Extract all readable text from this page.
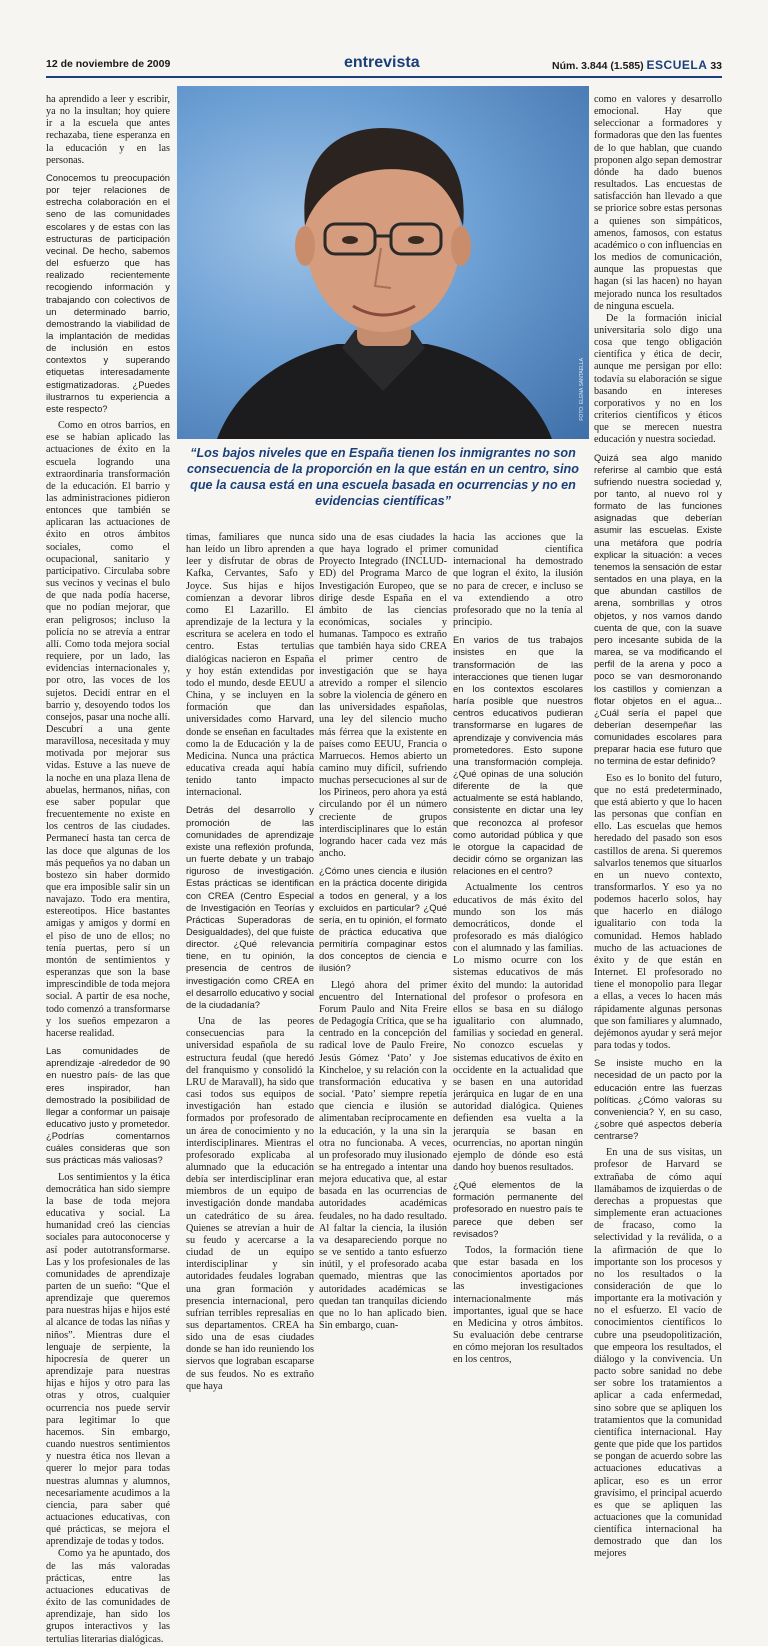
12 de noviembre de 2009	entrevista	Núm. 3.844 (1.585) ESCUELA 33

ha aprendido a leer y escribir, ya no la insultan; hoy quiere ir a la escuela que antes rechazaba, tiene esperanza en la educación y en las personas.

Conocemos tu preocupación por tejer relaciones de estrecha colaboración en el seno de las comunidades escolares y de estas con las estructuras de participación vecinal. De hecho, sabemos del esfuerzo que has realizado recientemente recogiendo información y trabajando con colectivos de un determinado barrio, demostrando la viabilidad de la implantación de medidas de inclusión en estos contextos y superando etiquetas interesadamente estigmatizadoras. ¿Puedes ilustrarnos tu experiencia a este respecto?

Como en otros barrios, en ese se habían aplicado las actuaciones de éxito en la escuela logrando una extraordinaria transformación de la educación. El barrio y las administraciones pidieron entonces que también se aplicaran las actuaciones de éxito en otros ámbitos sociales, como el ocupacional, sanitario y participativo. Circulaba sobre sus vecinos y vecinas el bulo de que nada podía hacerse, que no podían mejorar, que eran peligrosos; incluso la policía no se atrevía a entrar allí. Como toda mejora social requiere, por un lado, las evidencias internacionales y, por otro, las voces de los sujetos. Decidí entrar en el barrio y, desoyendo todos los consejos, pasar una noche allí. Descubrí a una gente maravillosa, necesitada y muy motivada por mejorar sus vidas. Estuve a las nueve de la noche en una plaza llena de abuelas, hermanos, niñas, con ese saber popular que frecuentemente no existe en los centros de las ciudades. Permanecí hasta tan cerca de las doce que algunas de los más pequeños ya no daban un bostezo sin haber dormido que era imposible salir sin un navajazo. Todo era mentira, estereotipos. Hice bastantes amigas y amigos y dormí en el piso de uno de ellos; no tenía puertas, pero sí un montón de sentimientos y esperanzas que son la base imprescindible de toda mejora social. A partir de esa noche, todo comenzó a transformarse y los sueños empezaron a hacerse realidad.

Las comunidades de aprendizaje -alrededor de 90 en nuestro país- de las que eres inspirador, han demostrado la posibilidad de llegar a conformar un paisaje educativo justo y prometedor. ¿Podrías comentarnos cuáles consideras que son sus prácticas más valiosas?

Los sentimientos y la ética democrática han sido siempre la base de toda mejora educativa y social. La humanidad creó las ciencias sociales para autoconocerse y así poder autotransformarse. Las y los profesionales de las comunidades de aprendizaje parten de un sueño: “Que el aprendizaje que queremos para nuestras hijas e hijos esté al alcance de todas las niñas y niños”. Mientras dure el lenguaje de serpiente, la hipocresía de querer un aprendizaje para nuestras hijas e hijos y otro para las otras y otros, cualquier ocurrencia nos puede servir para legitimar lo que hacemos. Sin embargo, cuando nuestros sentimientos y nuestra ética nos llevan a querer lo mejor para todas nuestras alumnas y alumnos, necesariamente acudimos a la ciencia, para saber qué actuaciones educativas, con qué prácticas, se mejora el aprendizaje de todas y todos.

Como ya he apuntado, dos de las más valoradas prácticas, entre las actuaciones educativas de éxito de las comunidades de aprendizaje, han sido los grupos interactivos y las tertulias literarias dialógicas.

timas, familiares que nunca han leído un libro aprenden a leer y disfrutar de obras de Kafka, Cervantes, Safo y Joyce. Sus hijas e hijos comienzan a devorar libros como El Lazarillo. El aprendizaje de la lectura y la escritura se acelera en todo el centro. Estas tertulias dialógicas nacieron en España y hoy están extendidas por todo el mundo, desde EEUU a China, y se incluyen en la formación que dan universidades como Harvard, donde se enseñan en facultades como la de Educación y la de Medicina. Nunca una práctica educativa creada aquí había tenido tanto impacto internacional.

Detrás del desarrollo y promoción de las comunidades de aprendizaje existe una reflexión profunda, un fuerte debate y un trabajo riguroso de investigación. Estas prácticas se identifican con CREA (Centro Especial de Investigación en Teorías y Prácticas Superadoras de Desigualdades), del que fuiste director. ¿Qué relevancia tiene, en tu opinión, la presencia de centros de investigación como CREA en el desarrollo educativo y social de la ciudadanía?

Una de las peores consecuencias para la universidad española de su estructura feudal (que heredó del franquismo y consolidó la LRU de Maravall), ha sido que casi todos sus equipos de investigación han estado formados por profesorado de un área de conocimiento y no interdisciplinares. Mientras el profesorado explicaba al alumnado que la educación debía ser interdisciplinar eran miembros de un equipo de investigación donde mandaba un catedrático de su área. Quienes se atrevían a huir de su feudo y acercarse a la ciudad de un equipo interdisciplinar y sin autoridades feudales lograban una gran formación y presencia internacional, pero sufrían terribles represalias en sus departamentos. CREA ha sido una de esas ciudades donde se han ido reuniendo los siervos que lograban escaparse de sus feudos. No es extraño que haya

sido una de esas ciudades la que haya logrado el primer Proyecto Integrado (INCLUD-ED) del Programa Marco de Investigación Europeo, que se dirige desde España en el ámbito de las ciencias económicas, sociales y humanas. Tampoco es extraño que también haya sido CREA el primer centro de investigación que se haya atrevido a romper el silencio sobre la violencia de género en las universidades españolas, una ley del silencio mucho más férrea que la existente en países como EEUU, Francia o Marruecos. Hemos abierto un camino muy difícil, sufriendo muchas persecuciones al sur de los Pirineos, pero ahora ya está circulando por él un número creciente de grupos interdisciplinares que lo están logrando hacer cada vez más ancho.

¿Cómo unes ciencia e ilusión en la práctica docente dirigida a todos en general, y a los excluidos en particular? ¿Qué sería, en tu opinión, el formato de práctica educativa que permitiría compaginar estos dos conceptos de ciencia e ilusión?

Llegó ahora del primer encuentro del International Forum Paulo and Nita Freire de Pedagogía Crítica, que se ha centrado en la concepción del radical love de Paulo Freire, Jesús Gómez ‘Pato’ y Joe Kincheloe, y su relación con la transformación educativa y social. ‘Pato’ siempre repetía que ciencia e ilusión se alimentaban recíprocamente en la educación, y la una sin la otra no funcionaba. A veces, un profesorado muy ilusionado se ha entregado a intentar una mejora educativa que, al estar basada en las ocurrencias de autoridades académicas feudales, no ha dado resultado. Al faltar la ciencia, la ilusión va desapareciendo porque no se ve sentido a tanto esfuerzo inútil, y el profesorado acaba quemado, mientras que las autoridades académicas se quedan tan tranquilas diciendo que no lo han aplicado bien. Sin embargo, cuan-

hacia las acciones que la comunidad científica internacional ha demostrado que logran el éxito, la ilusión no para de crecer, e incluso se va extendiendo a otro profesorado que no la tenía al principio.

En varios de tus trabajos insistes en que la transformación de las interacciones que tienen lugar en los contextos escolares haría posible que nuestros centros educativos pudieran transformarse en lugares de aprendizaje y convivencia más prometedores. Esto supone una transformación compleja. ¿Qué opinas de una solución diferente de la que actualmente se está hablando, consistente en dictar una ley que reconozca al profesor como autoridad pública y que le otorgue la capacidad de decidir cómo se organizan las relaciones en el centro?

Actualmente los centros educativos de más éxito del mundo son los más democráticos, donde el profesorado es más dialógico con el alumnado y las familias. Lo mismo ocurre con los sistemas educativos de más éxito del mundo: la autoridad del profesor o profesora en ellos se basa en su diálogo igualitario con alumnado, familias y sociedad en general. No conozco escuelas y sistemas educativos de éxito en occidente en la actualidad que se basen en una autoridad jerárquica en lugar de en una autoridad dialógica. Quienes defienden esa vuelta a la jerarquía se basan en ocurrencias, no aportan ningún ejemplo de dónde eso está dando hoy buenos resultados.

¿Qué elementos de la formación permanente del profesorado en nuestro país te parece que deben ser revisados?

Todos, la formación tiene que estar basada en los conocimientos aportados por las investigaciones internacionalmente más importantes, igual que se hace en Medicina y otros ámbitos. Su evaluación debe centrarse en cómo mejoran los resultados en los centros,

como en valores y desarrollo emocional. Hay que seleccionar a formadores y formadoras que den las fuentes de lo que hablan, que cuando proponen algo sepan demostrar dónde ha dado buenos resultados. Las encuestas de satisfacción han llevado a que se priorice sobre estas personas a quienes son simpáticos, amenos, famosos, con estatus académico o con influencias en los medios de comunicación, aunque las propuestas que hagan (si las hacen) no hayan mejorado nunca los resultados de ninguna escuela.

De la formación inicial universitaria solo digo una cosa que tengo obligación científica y ética de decir, aunque me persigan por ello: todavía su elaboración se sigue basando en intereses corporativos y no en los criterios científicos y éticos que se merecen nuestra educación y nuestra sociedad.

Quizá sea algo manido referirse al cambio que está sufriendo nuestra sociedad y, por tanto, al nuevo rol y formato de las funciones asignadas que deberían asumir las escuelas. Existe una metáfora que podría explicar la situación: a veces tenemos la sensación de estar sentados en una playa, en la que abundan castillos de arena, sombrillas y otros objetos, y nos vamos dando cuenta de que, con la suave pero incesante subida de la marea, se va modificando el perfil de la arena y poco a poco se van desmoronando los castillos y comienzan a flotar objetos en el agua... ¿Cuál sería el papel que deberían desempeñar las comunidades escolares para preparar hacia ese futuro que no termina de estar definido?

Eso es lo bonito del futuro, que no está predeterminado, que está abierto y que lo hacen las personas que confían en ello. Las escuelas que hemos heredado del pasado son esos castillos de arena. Si queremos salvarlos tenemos que situarlos en un nuevo contexto, transformarlos. Y eso ya no podemos hacerlo solos, hay que hacerlo en diálogo igualitario con toda la comunidad. Hemos hablado mucho de las actuaciones de éxito y de que están en Internet. El profesorado no tiene el monopolio para llegar a ellas, a veces lo hacen más rápidamente algunas personas que son familiares y alumnado, dejémonos ayudar y será mejor para todas y todos.

Se insiste mucho en la necesidad de un pacto por la educación entre las fuerzas políticas. ¿Cómo valoras su conveniencia? Y, en su caso, ¿sobre qué aspectos debería centrarse?

En una de sus visitas, un profesor de Harvard se extrañaba de cómo aquí llamábamos de izquierdas o de derechas a propuestas que simplemente eran actuaciones de fracaso, como la selectividad y la reválida, o a la afirmación de que lo importante son los procesos y no los resultados o la consideración de que lo importante era la motivación y no el esfuerzo. El vacío de conocimientos científicos lo cubre una pseudopolitización, que empeora los resultados, el diálogo y la convivencia. Un pacto sobre sanidad no debe ser sobre los tratamientos a aplicar a cada enfermedad, sino sobre que se apliquen los tratamientos que la comunidad científica internacional. Hay gente que pide que los partidos se pongan de acuerdo sobre las actuaciones educativas a aplicar, eso es un error gravísimo, el principal acuerdo es que se apliquen las actuaciones que la comunidad científica internacional ha demostrado que dan los mejores

FOTO: ELENA SANTAELLA
“Los bajos niveles que en España tienen los inmigrantes no son consecuencia de la proporción en la que están en un centro, sino que la causa está en una escuela basada en ocurrencias y no en evidencias científicas”
